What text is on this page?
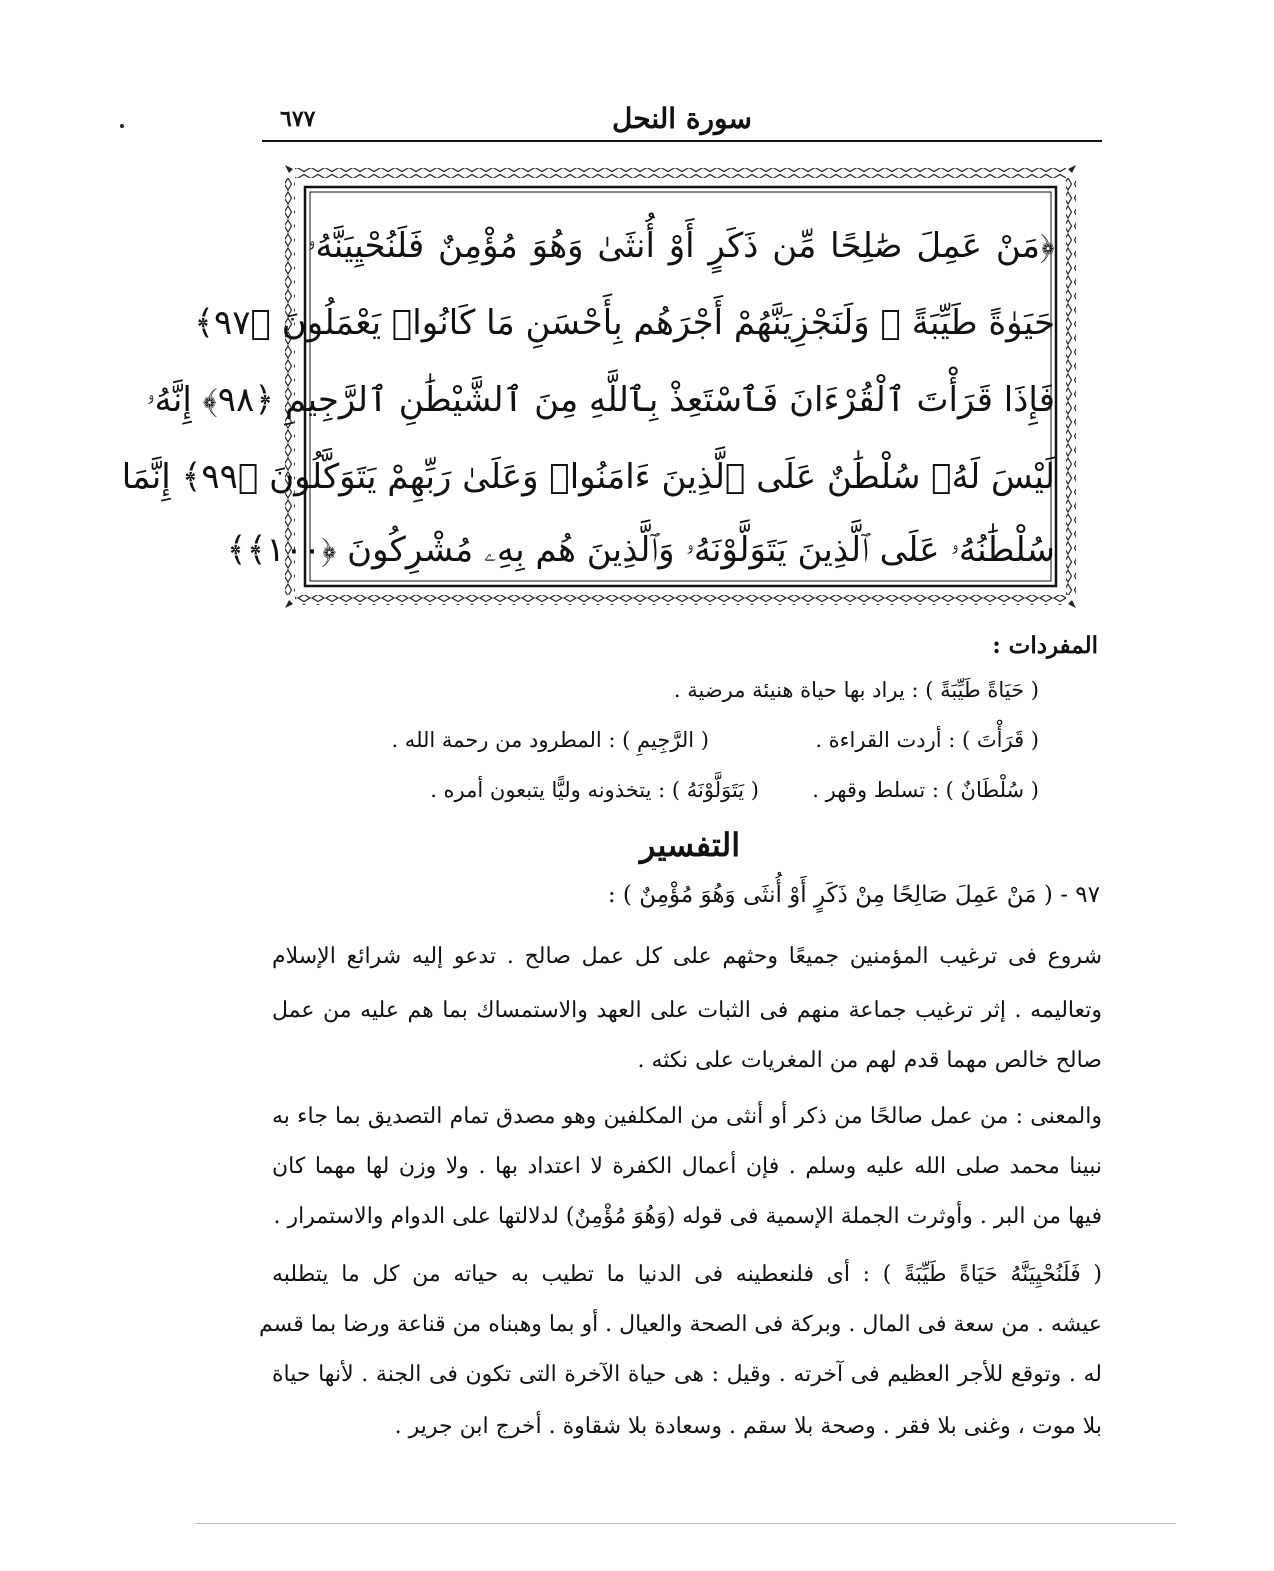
٦٧٧	سورة النحل
﴿مَنْ عَمِلَ صَٰلِحًا مِّن ذَكَرٍ أَوْ أُنثَىٰ وَهُوَ مُؤْمِنٌ فَلَنُحْيِيَنَّهُۥ
حَيَوٰةً طَيِّبَةً ۖ وَلَنَجْزِيَنَّهُمْ أَجْرَهُم بِأَحْسَنِ مَا كَانُوا۟ يَعْمَلُونَ ﴿٩٧﴾
فَإِذَا قَرَأْتَ ٱلْقُرْءَانَ فَٱسْتَعِذْ بِٱللَّهِ مِنَ ٱلشَّيْطَٰنِ ٱلرَّجِيمِ ﴿٩٨﴾ إِنَّهُۥ
لَيْسَ لَهُۥ سُلْطَٰنٌ عَلَى ٱلَّذِينَ ءَامَنُوا۟ وَعَلَىٰ رَبِّهِمْ يَتَوَكَّلُونَ ﴿٩٩﴾ إِنَّمَا
سُلْطَٰنُهُۥ عَلَى ٱلَّذِينَ يَتَوَلَّوْنَهُۥ وَٱلَّذِينَ هُم بِهِۦ مُشْرِكُونَ ﴿١٠٠﴾﴾
المفردات :
( حَيَاةً طَيِّبَةً ) : يراد بها حياة هنيئة مرضية .
( قَرَأْتَ ) : أردت القراءة .
( الرَّجِيمِ ) : المطرود من رحمة الله .
( سُلْطَانٌ ) : تسلط وقهر .
( يَتَوَلَّوْنَهُ ) : يتخذونه وليًّا يتبعون أمره .
التفسير
٩٧ - ( مَنْ عَمِلَ صَالِحًا مِنْ ذَكَرٍ أَوْ أُنثَى وَهُوَ مُؤْمِنٌ ) :
شروع فى ترغيب المؤمنين جميعًا وحثهم على كل عمل صالح . تدعو إليه شرائع الإسلام
وتعاليمه . إثر ترغيب جماعة منهم فى الثبات على العهد والاستمساك بما هم عليه من عمل
صالح خالص مهما قدم لهم من المغريات على نكثه .
والمعنى : من عمل صالحًا من ذكر أو أنثى من المكلفين وهو مصدق تمام التصديق بما جاء به
نبينا محمد صلى الله عليه وسلم . فإن أعمال الكفرة لا اعتداد بها . ولا وزن لها مهما كان
فيها من البر . وأوثرت الجملة الإسمية فى قوله (وَهُوَ مُؤْمِنٌ) لدلالتها على الدوام والاستمرار .
( فَلَنُحْيِيَنَّهُ حَيَاةً طَيِّبَةً ) : أى فلنعطينه فى الدنيا ما تطيب به حياته من كل ما يتطلبه
عيشه . من سعة فى المال . وبركة فى الصحة والعيال . أو بما وهبناه من قناعة ورضا بما قسم
له . وتوقع للأجر العظيم فى آخرته . وقيل : هى حياة الآخرة التى تكون فى الجنة . لأنها حياة
بلا موت ، وغنى بلا فقر . وصحة بلا سقم . وسعادة بلا شقاوة . أخرج ابن جرير .
